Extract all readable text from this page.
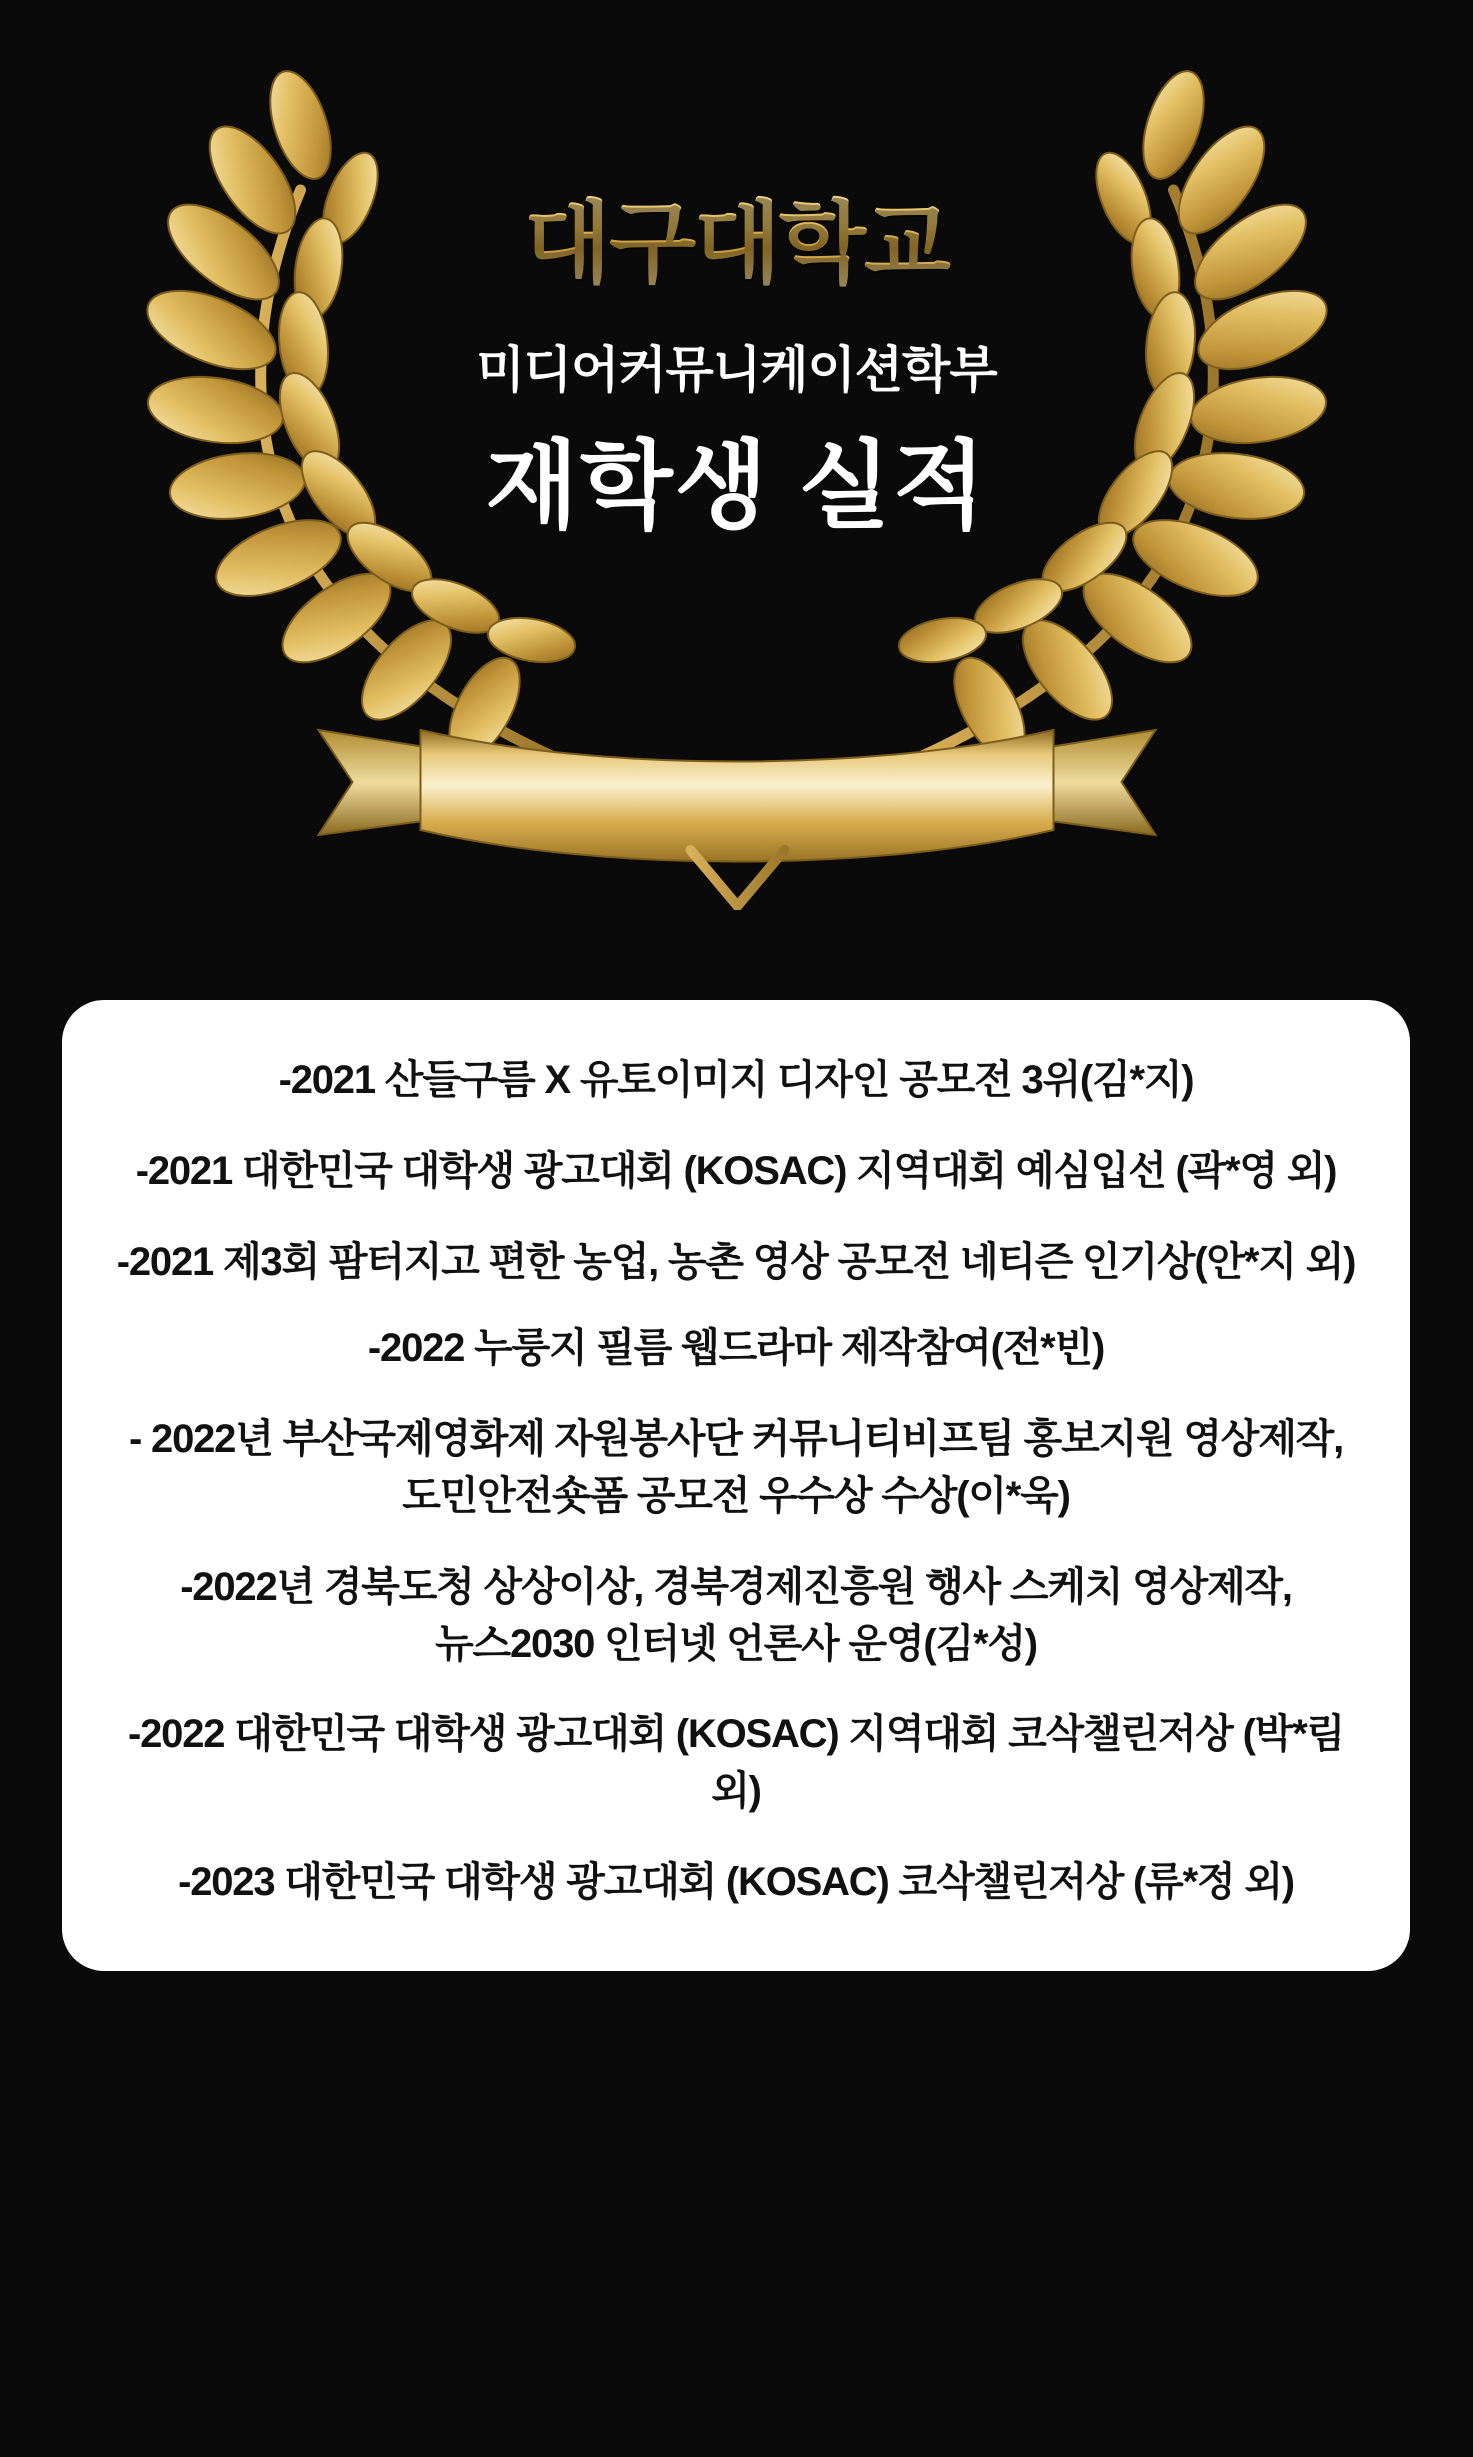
대구대학교
미디어커뮤니케이션학부
재학생 실적

-2021 산들구름 X 유토이미지 디자인 공모전 3위(김*지)

-2021 대한민국 대학생 광고대회 (KOSAC) 지역대회 예심입선 (곽*영 외)

-2021 제3회 팜터지고 편한 농업, 농촌 영상 공모전 네티즌 인기상(안*지 외)

-2022 누룽지 필름 웹드라마 제작참여(전*빈)

- 2022년 부산국제영화제 자원봉사단 커뮤니티비프팀 홍보지원 영상제작, 도민안전숏폼 공모전 우수상 수상(이*욱)

-2022년 경북도청 상상이상, 경북경제진흥원 행사 스케치 영상제작, 뉴스2030 인터넷 언론사 운영(김*성)

-2022 대한민국 대학생 광고대회 (KOSAC) 지역대회 코삭챌린저상 (박*림 외)

-2023 대한민국 대학생 광고대회 (KOSAC) 코삭챌린저상 (류*정 외)
